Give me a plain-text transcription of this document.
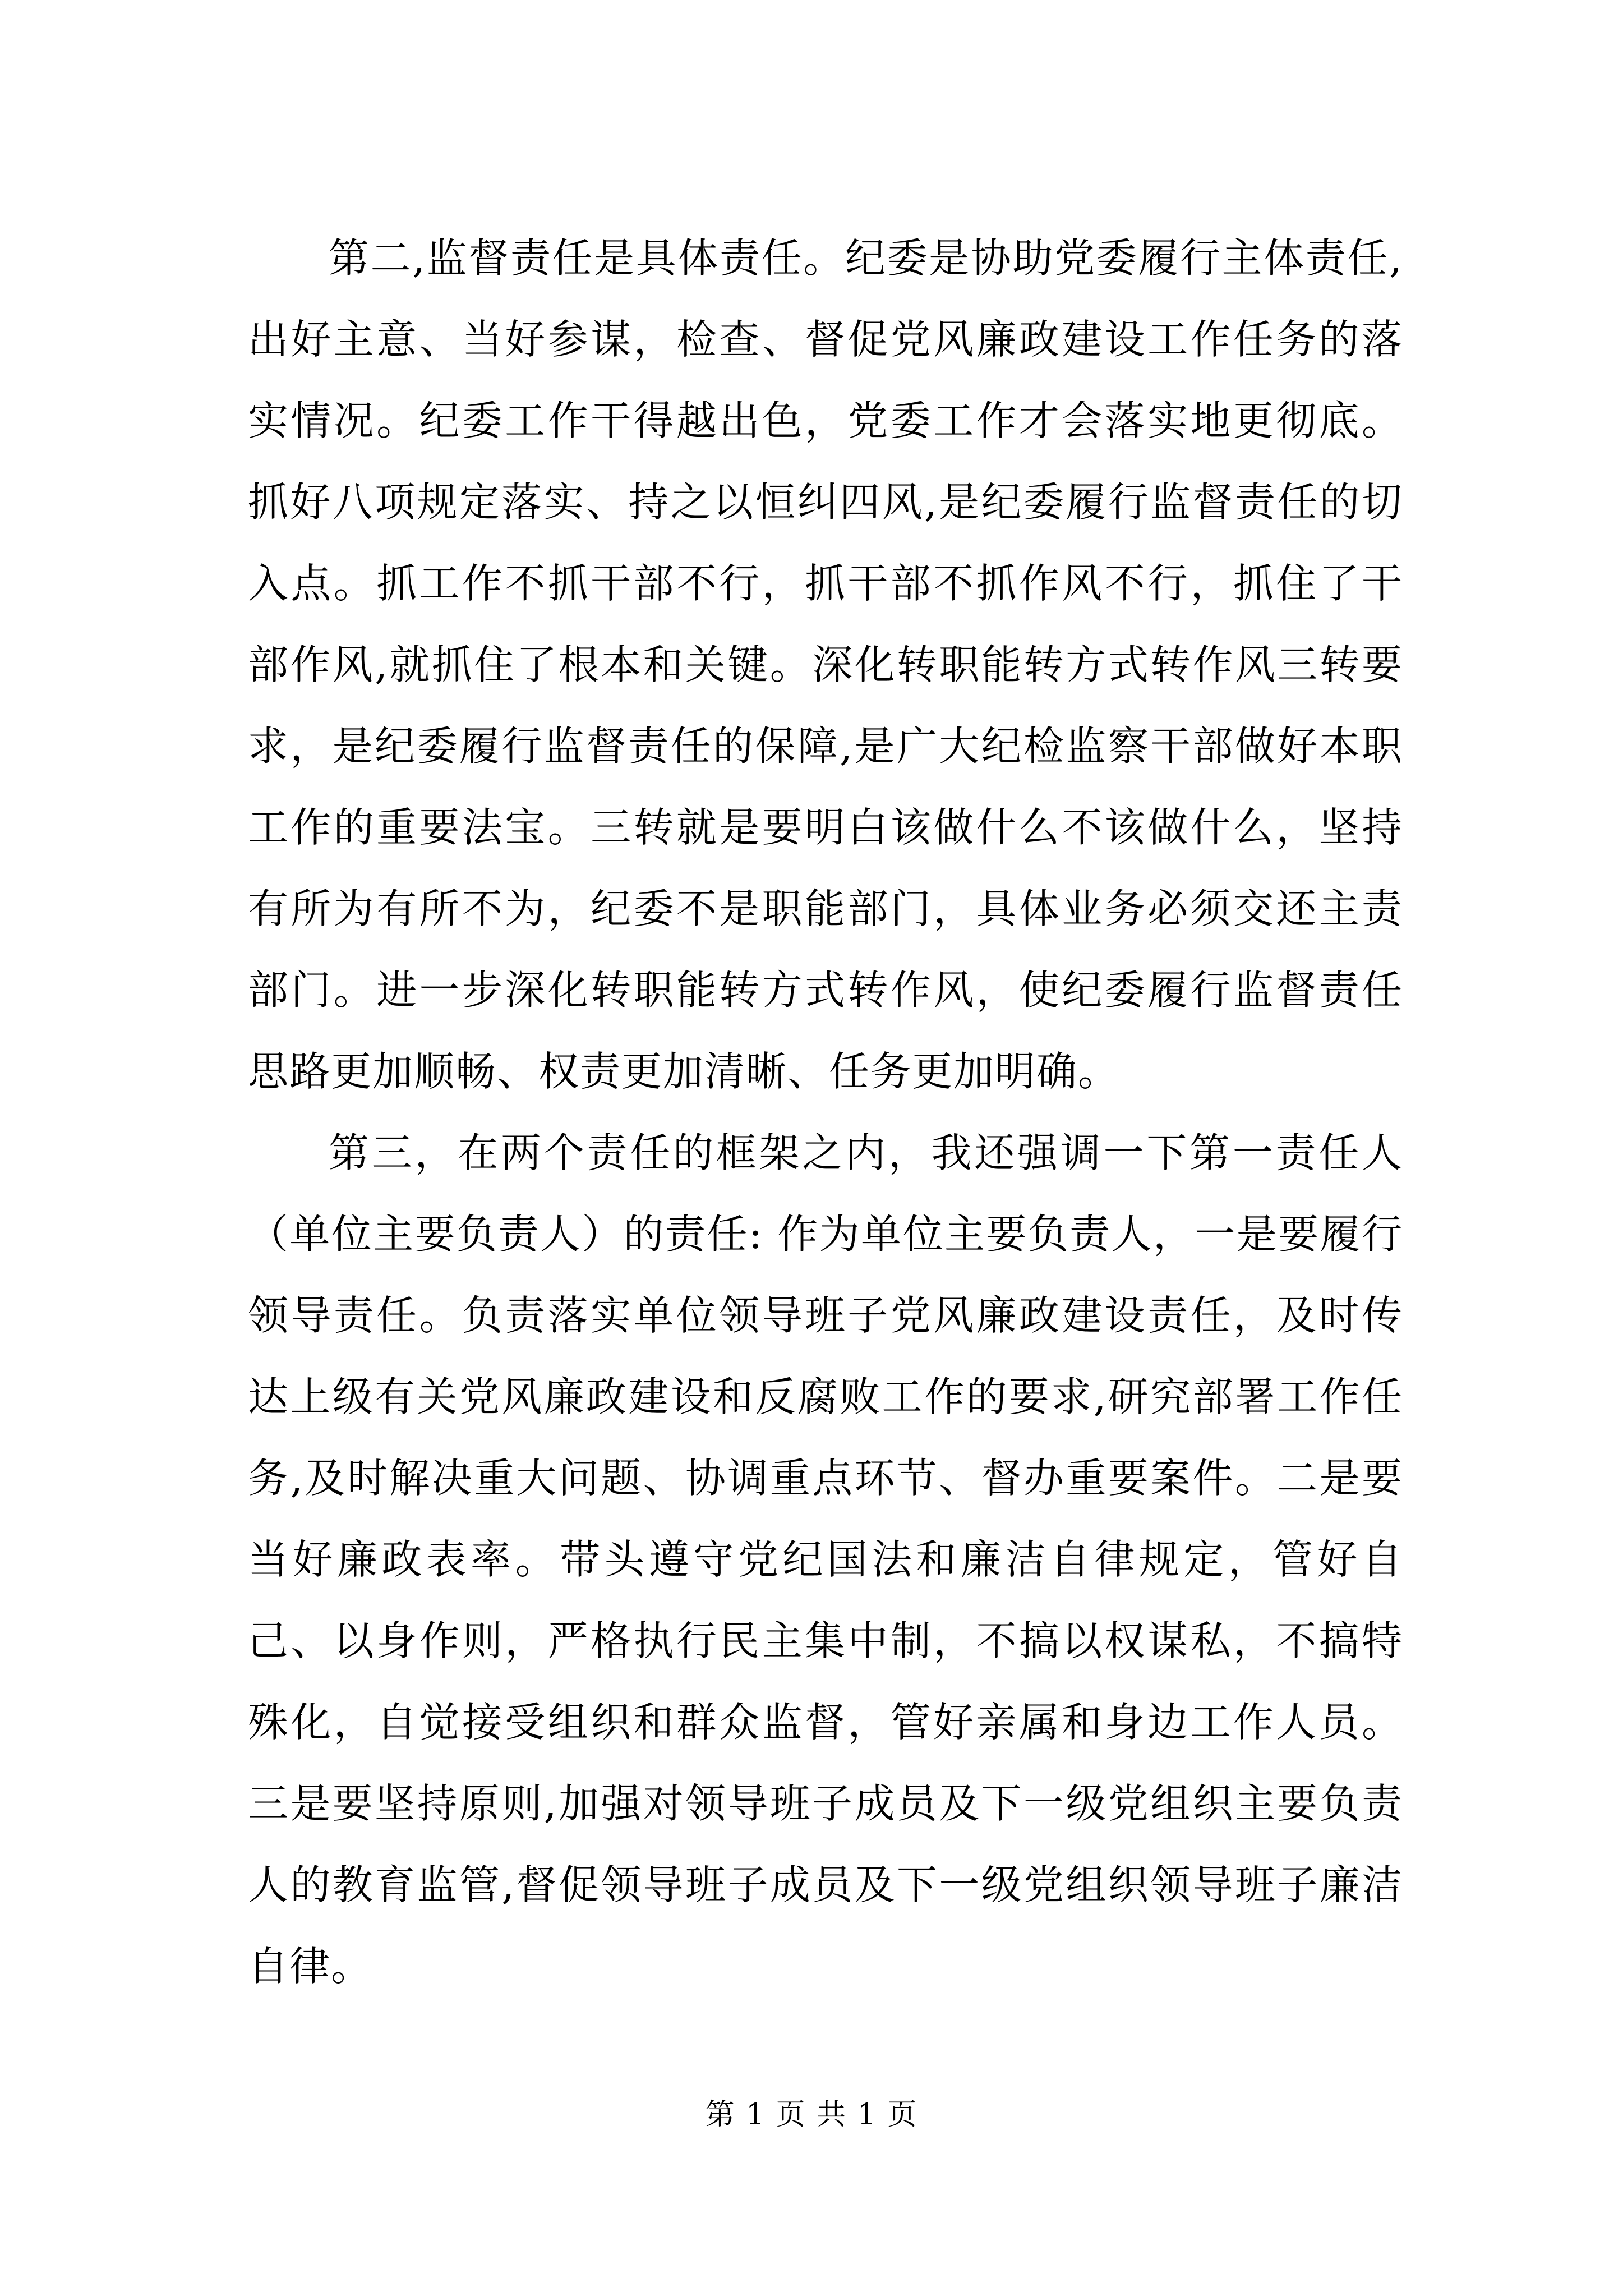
第二,监督责任是具体责任。纪委是协助党委履行主体责任,出好主意、当好参谋，检查、督促党风廉政建设工作任务的落实情况。纪委工作干得越出色，党委工作才会落实地更彻底。抓好八项规定落实、持之以恒纠四风,是纪委履行监督责任的切入点。抓工作不抓干部不行，抓干部不抓作风不行，抓住了干部作风,就抓住了根本和关键。深化转职能转方式转作风三转要求，是纪委履行监督责任的保障,是广大纪检监察干部做好本职工作的重要法宝。三转就是要明白该做什么不该做什么，坚持有所为有所不为，纪委不是职能部门，具体业务必须交还主责部门。进一步深化转职能转方式转作风，使纪委履行监督责任思路更加顺畅、权责更加清晰、任务更加明确。

第三，在两个责任的框架之内，我还强调一下第一责任人（单位主要负责人）的责任: 作为单位主要负责人，一是要履行领导责任。负责落实单位领导班子党风廉政建设责任，及时传达上级有关党风廉政建设和反腐败工作的要求,研究部署工作任务,及时解决重大问题、协调重点环节、督办重要案件。二是要当好廉政表率。带头遵守党纪国法和廉洁自律规定，管好自己、以身作则，严格执行民主集中制，不搞以权谋私，不搞特殊化，自觉接受组织和群众监督，管好亲属和身边工作人员。三是要坚持原则,加强对领导班子成员及下一级党组织主要负责人的教育监管,督促领导班子成员及下一级党组织领导班子廉洁自律。

第 1 页 共 1 页
